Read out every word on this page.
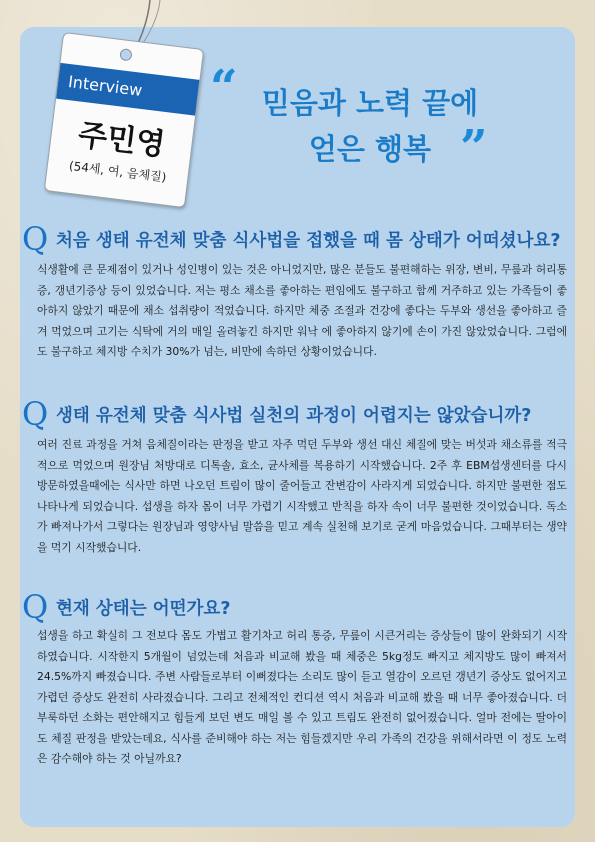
Interview
주민영
(54세, 여, 음체질)
“ 믿음과 노력 끝에
얻은 행복 ”
Q 처음 생태 유전체 맞춤 식사법을 접했을 때 몸 상태가 어떠셨나요?

식생활에 큰 문제점이 있거나 성인병이 있는 것은 아니었지만, 많은 분들도 불편해하는 위장, 변비, 무릎과 허리통증, 갱년기증상 등이 있었습니다. 저는 평소 채소를 좋아하는 편임에도 불구하고 함께 거주하고 있는 가족들이 좋아하지 않았기 때문에 채소 섭취량이 적었습니다. 하지만 체중 조절과 건강에 좋다는 두부와 생선을 좋아하고 즐겨 먹었으며 고기는 식탁에 거의 매일 올려놓긴 하지만 워낙 에 좋아하지 않기에 손이 가진 않았었습니다. 그럼에도 불구하고 체지방 수치가 30%가 넘는, 비만에 속하던 상황이었습니다.

Q 생태 유전체 맞춤 식사법 실천의 과정이 어렵지는 않았습니까?

여러 진료 과정을 거쳐 음체질이라는 판정을 받고 자주 먹던 두부와 생선 대신 체질에 맞는 버섯과 채소류를 적극적으로 먹었으며 원장님 처방대로 디톡솔, 효소, 균사체를 복용하기 시작했습니다. 2주 후 EBM섭생센터를 다시 방문하였을때에는 식사만 하면 나오던 트림이 많이 줄어들고 잔변감이 사라지게 되었습니다. 하지만 불편한 점도 나타나게 되었습니다. 섭생을 하자 몸이 너무 가렵기 시작했고 반칙을 하자 속이 너무 불편한 것이었습니다. 독소가 빠져나가서 그렇다는 원장님과 영양사님 말씀을 믿고 계속 실천해 보기로 굳게 마음었습니다. 그때부터는 생약을 먹기 시작했습니다.

Q 현재 상태는 어떤가요?

섭생을 하고 확실히 그 전보다 몸도 가볍고 활기차고 허리 통증, 무릎이 시큰거리는 증상들이 많이 완화되기 시작하였습니다. 시작한지 5개월이 넘었는데 처음과 비교해 봤을 때 체중은 5kg정도 빠지고 체지방도 많이 빠져서 24.5%까지 빠졌습니다. 주변 사람들로부터 이뻐졌다는 소리도 많이 듣고 열감이 오르던 갱년기 증상도 없어지고 가렵던 증상도 완전히 사라졌습니다. 그리고 전체적인 컨디션 역시 처음과 비교해 봤을 때 너무 좋아졌습니다. 더부룩하던 소화는 편안해지고 힘들게 보던 변도 매일 볼 수 있고 트림도 완전히 없어졌습니다. 얼마 전에는 딸아이도 체질 판정을 받았는데요, 식사를 준비해야 하는 저는 힘들겠지만 우리 가족의 건강을 위해서라면 이 정도 노력은 감수해야 하는 것 아닐까요?
